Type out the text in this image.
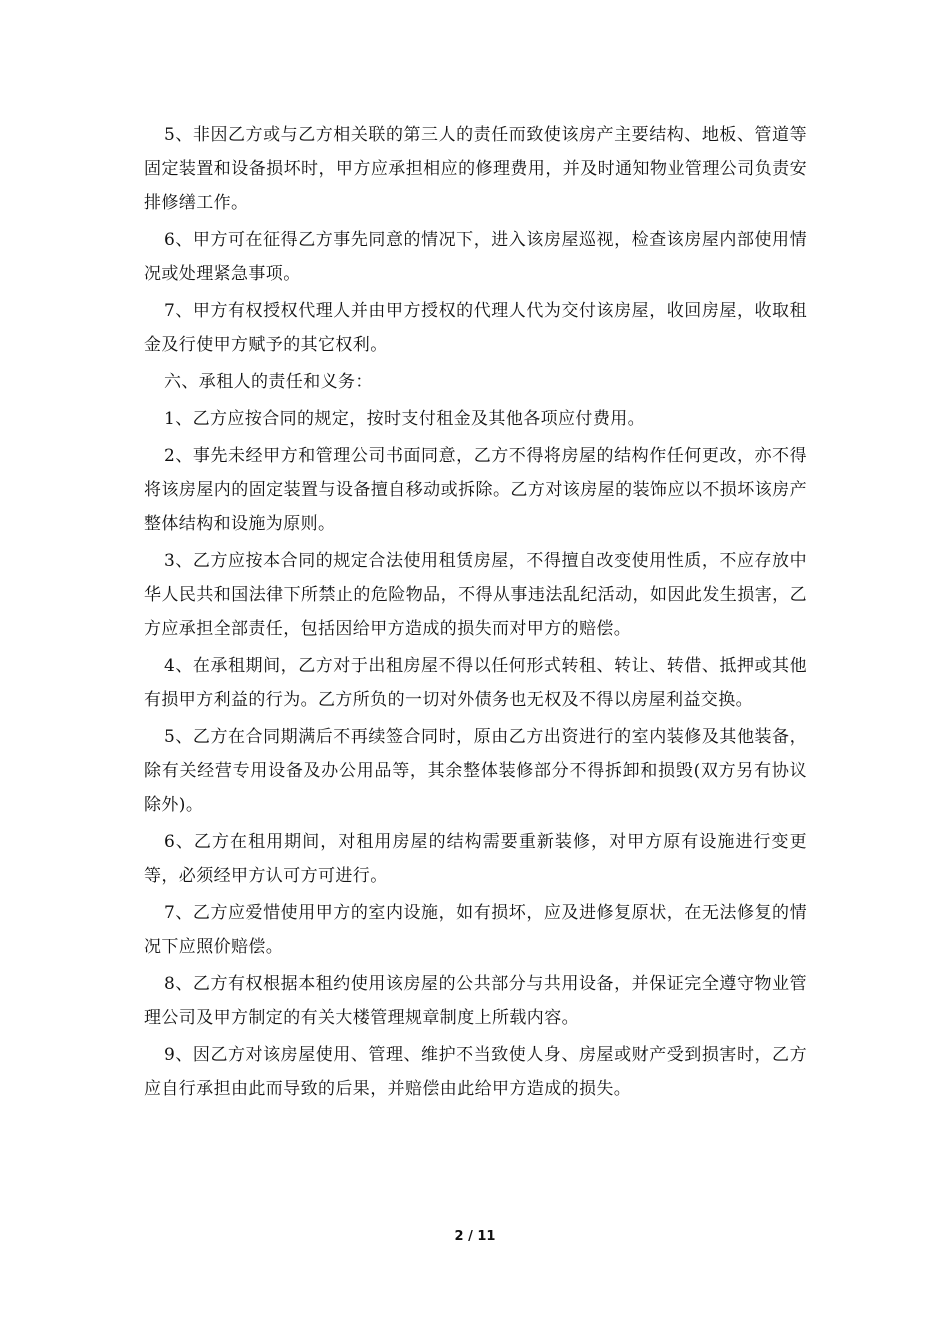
5、非因乙方或与乙方相关联的第三人的责任而致使该房产主要结构、地板、管道等固定装置和设备损坏时，甲方应承担相应的修理费用，并及时通知物业管理公司负责安排修缮工作。

6、甲方可在征得乙方事先同意的情况下，进入该房屋巡视，检查该房屋内部使用情况或处理紧急事项。

7、甲方有权授权代理人并由甲方授权的代理人代为交付该房屋，收回房屋，收取租金及行使甲方赋予的其它权利。

六、承租人的责任和义务：

1、乙方应按合同的规定，按时支付租金及其他各项应付费用。

2、事先未经甲方和管理公司书面同意，乙方不得将房屋的结构作任何更改，亦不得将该房屋内的固定装置与设备擅自移动或拆除。乙方对该房屋的装饰应以不损坏该房产整体结构和设施为原则。

3、乙方应按本合同的规定合法使用租赁房屋，不得擅自改变使用性质，不应存放中华人民共和国法律下所禁止的危险物品，不得从事违法乱纪活动，如因此发生损害，乙方应承担全部责任，包括因给甲方造成的损失而对甲方的赔偿。

4、在承租期间，乙方对于出租房屋不得以任何形式转租、转让、转借、抵押或其他有损甲方利益的行为。乙方所负的一切对外债务也无权及不得以房屋利益交换。

5、乙方在合同期满后不再续签合同时，原由乙方出资进行的室内装修及其他装备，除有关经营专用设备及办公用品等，其余整体装修部分不得拆卸和损毁(双方另有协议除外)。

6、乙方在租用期间，对租用房屋的结构需要重新装修，对甲方原有设施进行变更等，必须经甲方认可方可进行。

7、乙方应爱惜使用甲方的室内设施，如有损坏，应及进修复原状，在无法修复的情况下应照价赔偿。

8、乙方有权根据本租约使用该房屋的公共部分与共用设备，并保证完全遵守物业管理公司及甲方制定的有关大楼管理规章制度上所载内容。

9、因乙方对该房屋使用、管理、维护不当致使人身、房屋或财产受到损害时，乙方应自行承担由此而导致的后果，并赔偿由此给甲方造成的损失。

2 / 11
